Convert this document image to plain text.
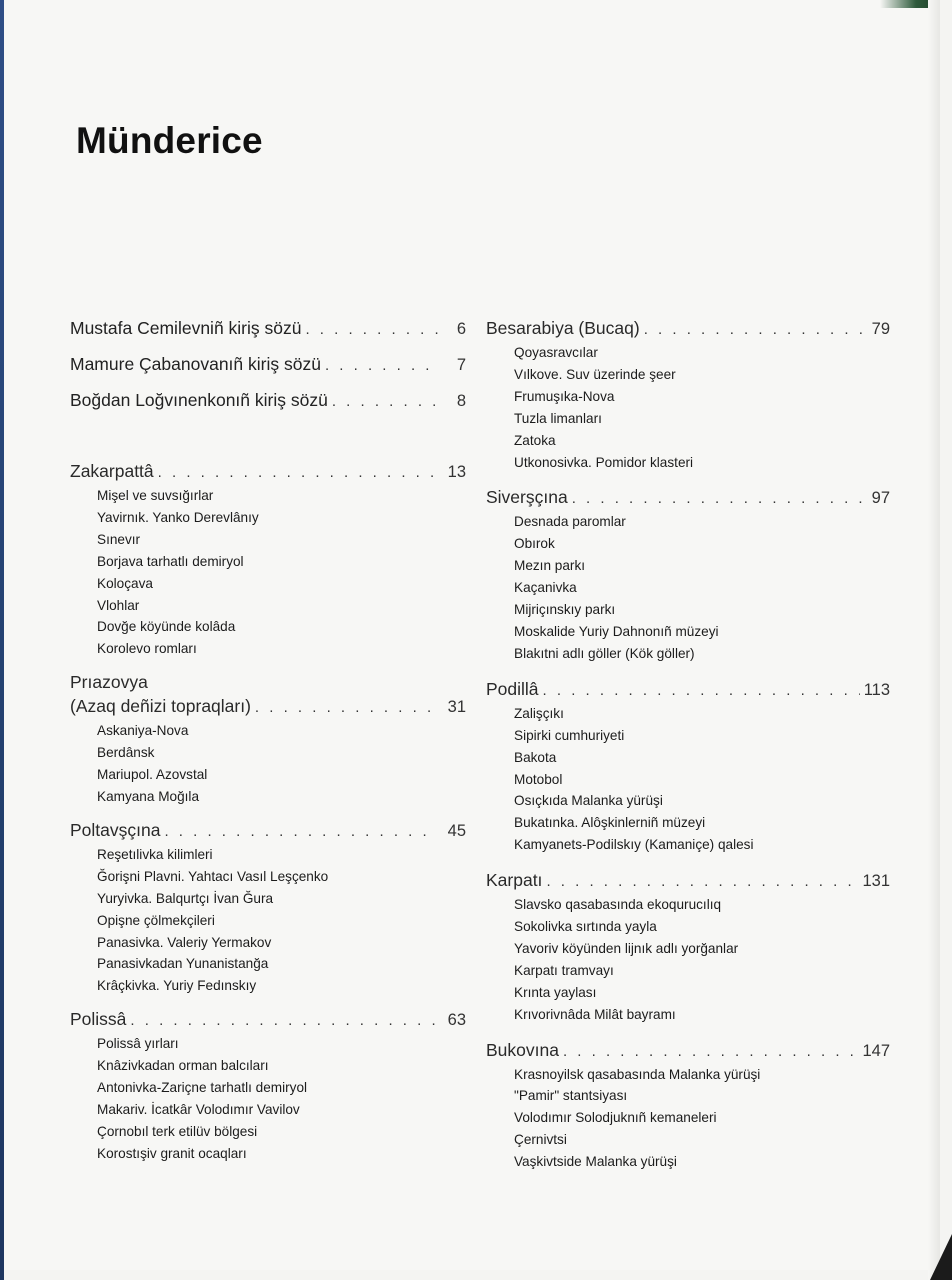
Münderice
Mustafa Cemilevniñ kiriş sözü . . .	6
Mamure Çabanovanıñ kiriş sözü . . .	7
Boğdan Loğvınenkonıñ kiriş sözü . . .	8
Zakarpattâ . . .	13
Mişel ve suvsığırlar
Yavirnık. Yanko Derevlânıy
Sınevır
Borjava tarhatlı demiryol
Koloçava
Vlohlar
Dovğe köyünde kolâda
Korolevo romları
Prıazovya
(Azaq deñizi topraqları) . . .	31
Askaniya-Nova
Berdânsk
Mariupol. Azovstal
Kamyana Moğıla
Poltavşçına . . .	45
Reşetılivka kilimleri
Ğorişni Plavni. Yahtacı Vasıl Leşçenko
Yuryivka. Balqurtçı İvan Ğura
Opişne çölmekçileri
Panasivka. Valeriy Yermakov
Panasivkadan Yunanistanğa
Krâçkivka. Yuriy Fedınskıy
Polissâ . . .	63
Polissâ yırları
Knâzivkadan orman balcıları
Antonivka-Zariçne tarhatlı demiryol
Makariv. İcatkâr Volodımır Vavilov
Çornobıl terk etilüv bölgesi
Korostışiv granit ocaqları
Besarabiya (Bucaq) . . .	79
Qoyasravcılar
Vılkove. Suv üzerinde şeer
Frumuşıka-Nova
Tuzla limanları
Zatoka
Utkonosivka. Pomidor klasteri
Siverşçına . . .	97
Desnada paromlar
Obırok
Mezın parkı
Kaçanivka
Mijriçınskıy parkı
Moskalide Yuriy Dahnonıñ müzeyi
Blakıtni adlı göller (Kök göller)
Podillâ . . .	113
Zalişçıkı
Sipirki cumhuriyeti
Bakota
Motobol
Osıçkıda Malanka yürüşi
Bukatınka. Alôşkinlerniñ müzeyi
Kamyanets-Podilskıy (Kamaniçe) qalesi
Karpatı . . .	131
Slavsko qasabasında ekoqurucılıq
Sokolivka sırtında yayla
Yavoriv köyünden lijnık adlı yorğanlar
Karpatı tramvayı
Krınta yaylası
Krıvorivnâda Milât bayramı
Bukovına . . .	147
Krasnoyilsk qasabasında Malanka yürüşi
"Pamir" stantsiyası
Volodımır Solodjuknıñ kemaneleri
Çernivtsi
Vaşkivtside Malanka yürüşi
